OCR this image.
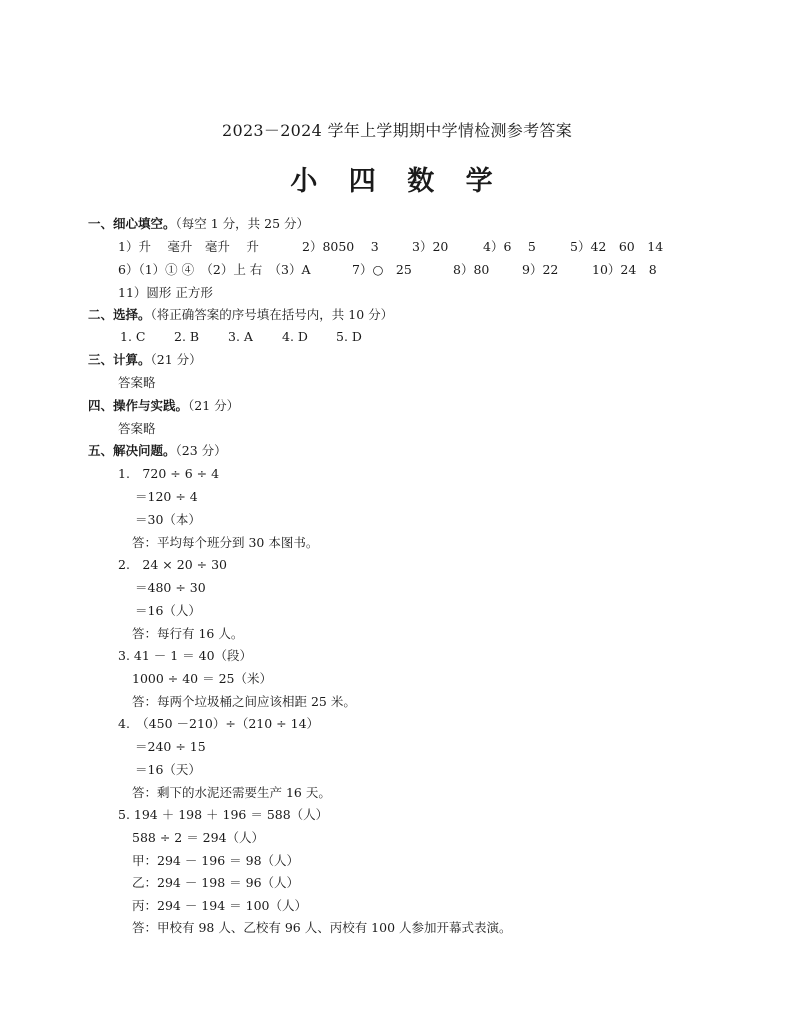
2023－2024 学年上学期期中学情检测参考答案
小 四 数 学
一、细心填空。（每空 1 分，共 25 分）
1）升　 毫升　毫升　 升	2）8050　 3	3）20	4）6　 5	5）42　60　14
6）（1）① ④　（2）上 右　（3）A	7）○　25	8）80	9）22	10）24　8
11）圆形 正方形
二、选择。（将正确答案的序号填在括号内，共 10 分）
1. C 2. B 3. A 4. D 5. D
三、计算。（21 分）
答案略
四、操作与实践。（21 分）
答案略
五、解决问题。（23 分）
1.　720 ÷ 6 ÷ 4
＝120 ÷ 4
＝30（本）
答：平均每个班分到 30 本图书。
2.　24 × 20 ÷ 30
＝480 ÷ 30
＝16（人）
答：每行有 16 人。
3. 41 － 1 ＝ 40（段）
1000 ÷ 40 ＝ 25（米）
答：每两个垃圾桶之间应该相距 25 米。
4.　（450 －210）÷（210 ÷ 14）
＝240 ÷ 15
＝16（天）
答：剩下的水泥还需要生产 16 天。
5. 194 ＋ 198 ＋ 196 ＝ 588（人）
588 ÷ 2 ＝ 294（人）
甲：294 － 196 ＝ 98（人）
乙：294 － 198 ＝ 96（人）
丙：294 － 194 ＝ 100（人）
答：甲校有 98 人、乙校有 96 人、丙校有 100 人参加开幕式表演。
